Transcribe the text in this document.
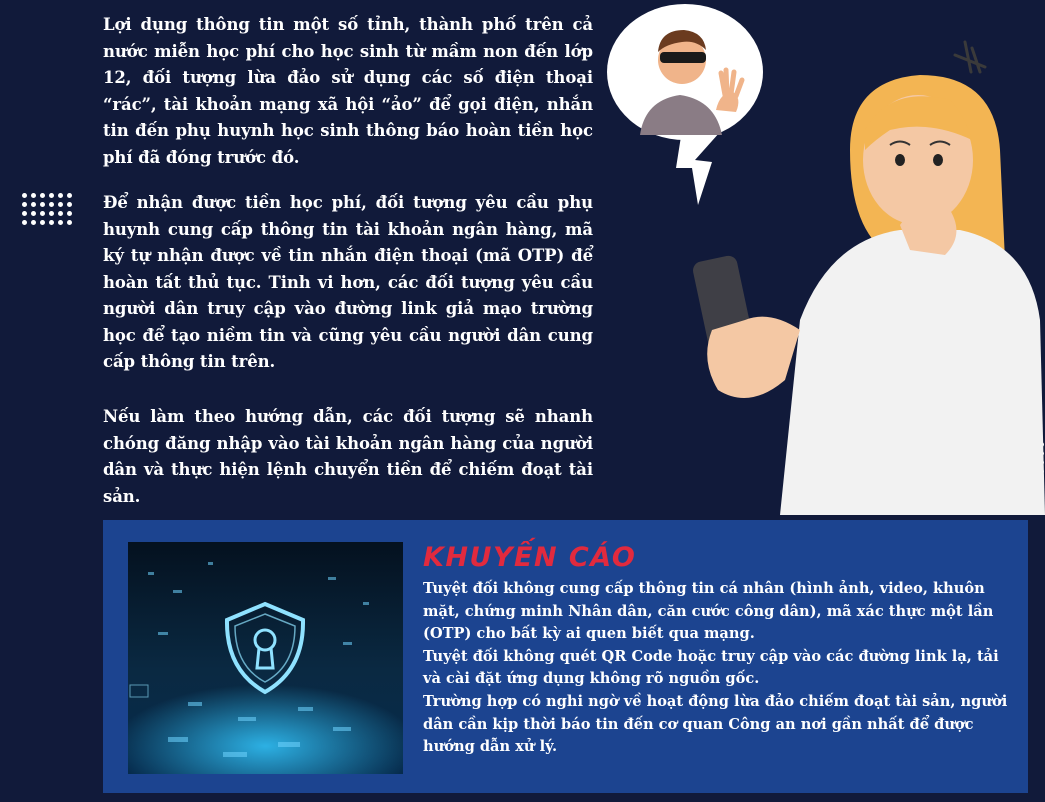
Lợi dụng thông tin một số tỉnh, thành phố trên cả nước miễn học phí cho học sinh từ mầm non đến lớp 12, đối tượng lừa đảo sử dụng các số điện thoại “rác”, tài khoản mạng xã hội “ảo” để gọi điện, nhắn tin đến phụ huynh học sinh thông báo hoàn tiền học phí đã đóng trước đó.

Để nhận được tiền học phí, đối tượng yêu cầu phụ huynh cung cấp thông tin tài khoản ngân hàng, mã ký tự nhận được về tin nhắn điện thoại (mã OTP) để hoàn tất thủ tục. Tinh vi hơn, các đối tượng yêu cầu người dân truy cập vào đường link giả mạo trường học để tạo niềm tin và cũng yêu cầu người dân cung cấp thông tin trên.

Nếu làm theo hướng dẫn, các đối tượng sẽ nhanh chóng đăng nhập vào tài khoản ngân hàng của người dân và thực hiện lệnh chuyển tiền để chiếm đoạt tài sản.

KHUYẾN CÁO

Tuyệt đối không cung cấp thông tin cá nhân (hình ảnh, video, khuôn mặt, chứng minh Nhân dân, căn cước công dân), mã xác thực một lần (OTP) cho bất kỳ ai quen biết qua mạng.

Tuyệt đối không quét QR Code hoặc truy cập vào các đường link lạ, tải và cài đặt ứng dụng không rõ nguồn gốc.

Trường hợp có nghi ngờ về hoạt động lừa đảo chiếm đoạt tài sản, người dân cần kịp thời báo tin đến cơ quan Công an nơi gần nhất để được hướng dẫn xử lý.
